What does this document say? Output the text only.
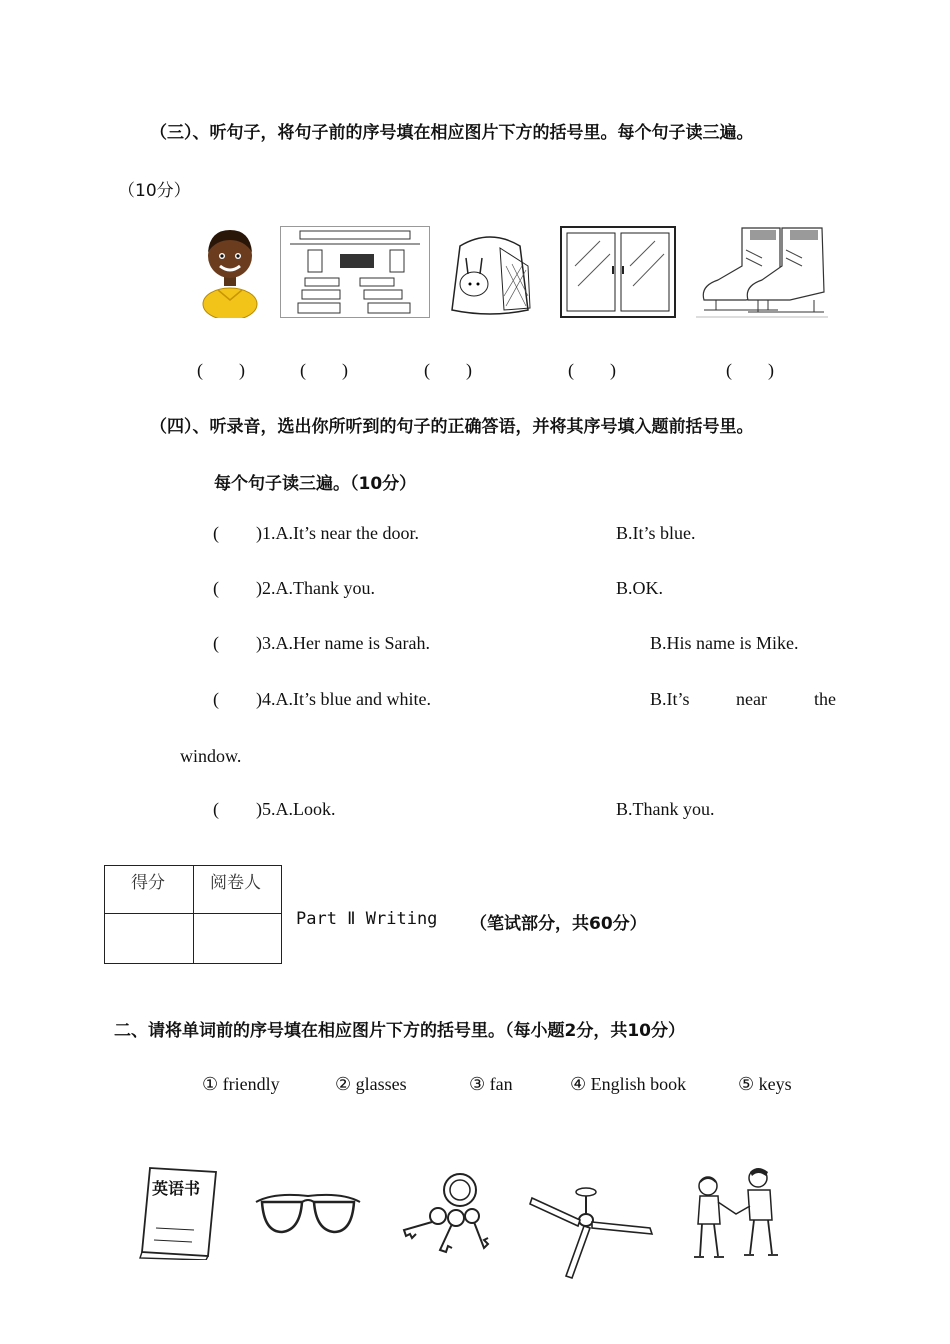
（三）、听句子，将句子前的序号填在相应图片下方的括号里。每个句子读三遍。
（10分）
(　　)	(　　)	(　　)	(　　)	(　　)
（四）、听录音，选出你所听到的句子的正确答语，并将其序号填入题前括号里。
每个句子读三遍。（10分）
( )1.A.It’s near the door.	B.It’s blue.
( )2.A.Thank you.	B.OK.
( )3.A.Her name is Sarah.	B.His name is Mike.
( )4.A.It’s blue and white.	B.It’s	near	the
window.
( )5.A.Look.	B.Thank you.
得分	阅卷人
Part Ⅱ Writing （笔试部分，共60分）
二、请将单词前的序号填在相应图片下方的括号里。（每小题2分，共10分）
① friendly	② glasses	③ fan	④ English book	⑤ keys
英语书
